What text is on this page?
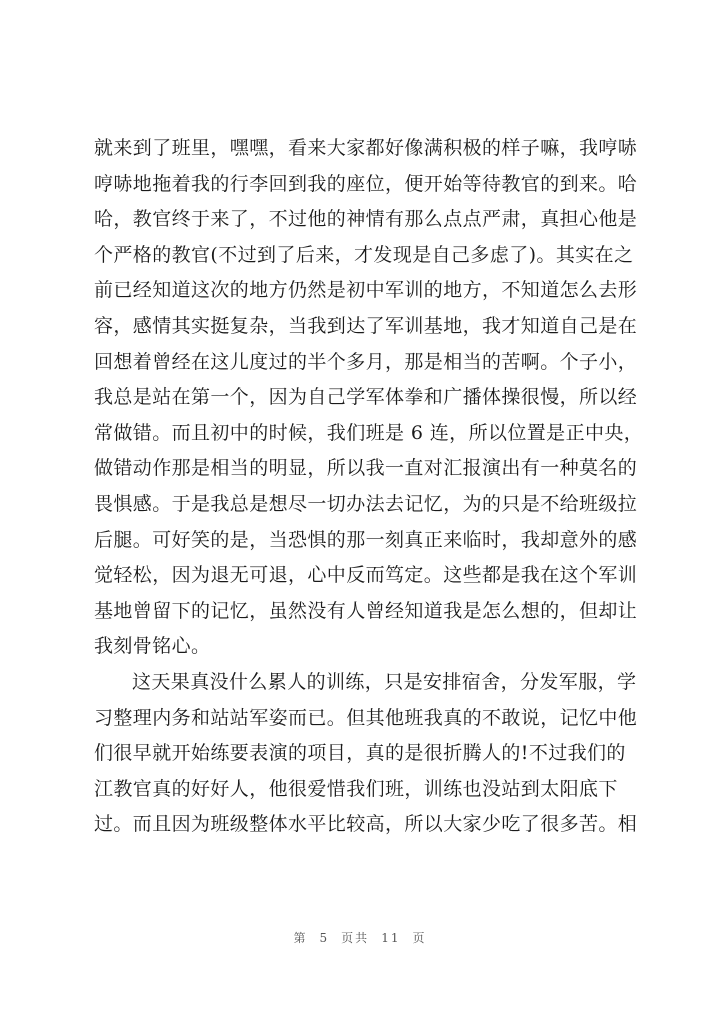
就来到了班里，嘿嘿，看来大家都好像满积极的样子嘛，我哼哧
哼哧地拖着我的行李回到我的座位，便开始等待教官的到来。哈
哈，教官终于来了，不过他的神情有那么点点严肃，真担心他是
个严格的教官(不过到了后来，才发现是自己多虑了)。其实在之
前已经知道这次的地方仍然是初中军训的地方，不知道怎么去形
容，感情其实挺复杂，当我到达了军训基地，我才知道自己是在
回想着曾经在这儿度过的半个多月，那是相当的苦啊。个子小，
我总是站在第一个，因为自己学军体拳和广播体操很慢，所以经
常做错。而且初中的时候，我们班是 6 连，所以位置是正中央，
做错动作那是相当的明显，所以我一直对汇报演出有一种莫名的
畏惧感。于是我总是想尽一切办法去记忆，为的只是不给班级拉
后腿。可好笑的是，当恐惧的那一刻真正来临时，我却意外的感
觉轻松，因为退无可退，心中反而笃定。这些都是我在这个军训
基地曾留下的记忆，虽然没有人曾经知道我是怎么想的，但却让
我刻骨铭心。
这天果真没什么累人的训练，只是安排宿舍，分发军服，学
习整理内务和站站军姿而已。但其他班我真的不敢说，记忆中他
们很早就开始练要表演的项目，真的是很折腾人的!不过我们的
江教官真的好好人，他很爱惜我们班，训练也没站到太阳底下
过。而且因为班级整体水平比较高，所以大家少吃了很多苦。相
第 5 页共 11 页
